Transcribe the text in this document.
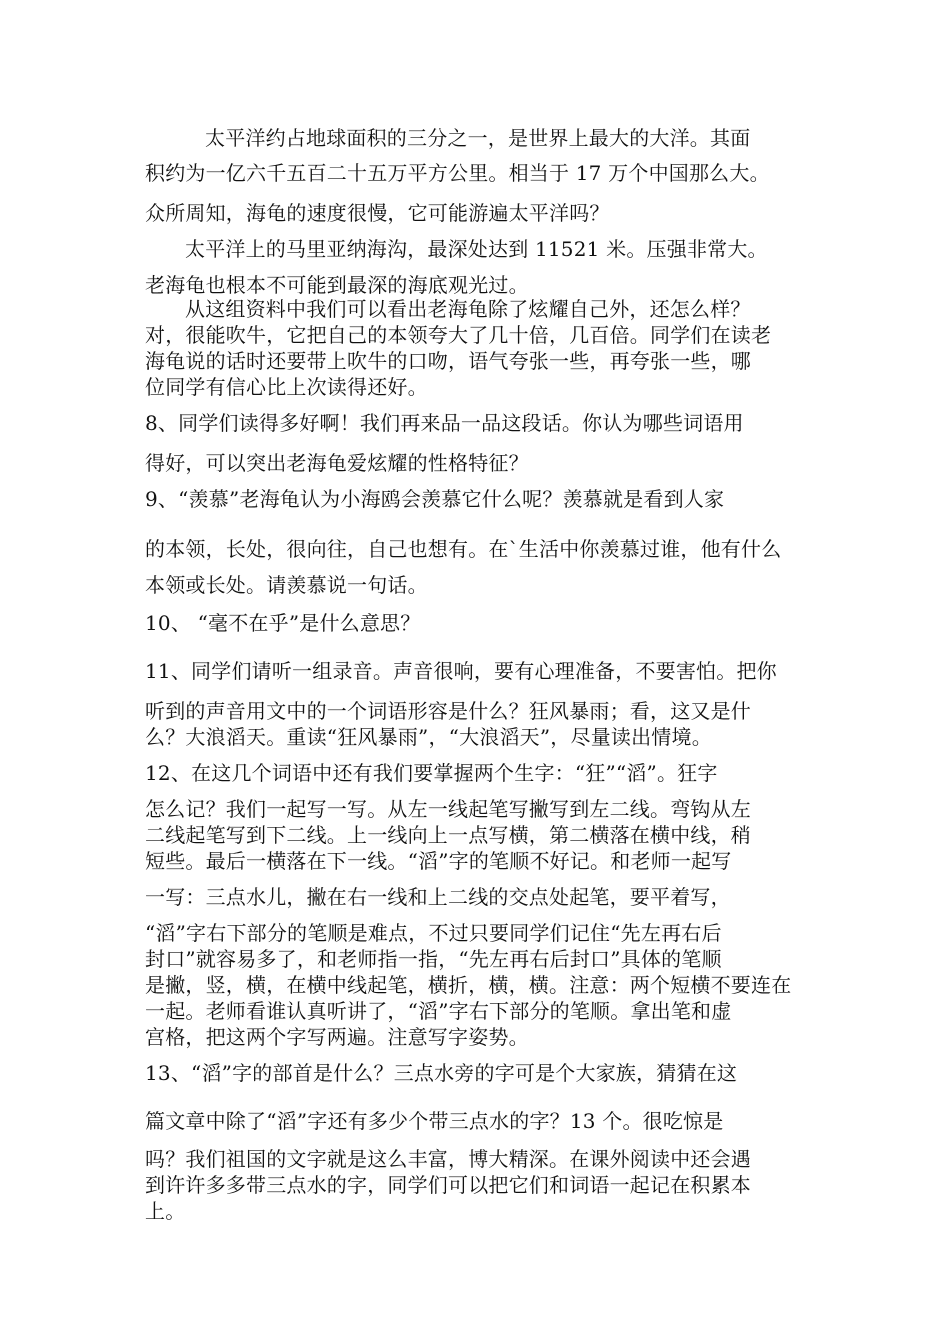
太平洋约占地球面积的三分之一，是世界上最大的大洋。其面
积约为一亿六千五百二十五万平方公里。相当于 17 万个中国那么大。
众所周知，海龟的速度很慢，它可能游遍太平洋吗？
太平洋上的马里亚纳海沟，最深处达到 11521 米。压强非常大。
老海龟也根本不可能到最深的海底观光过。
从这组资料中我们可以看出老海龟除了炫耀自己外，还怎么样？
对，很能吹牛，它把自己的本领夸大了几十倍，几百倍。同学们在读老
海龟说的话时还要带上吹牛的口吻，语气夸张一些，再夸张一些，哪
位同学有信心比上次读得还好。
8、同学们读得多好啊！我们再来品一品这段话。你认为哪些词语用
得好，可以突出老海龟爱炫耀的性格特征？
9、“羡慕”老海龟认为小海鸥会羡慕它什么呢？羡慕就是看到人家
的本领，长处，很向往，自己也想有。在`生活中你羡慕过谁，他有什么
本领或长处。请羡慕说一句话。
10、 “毫不在乎”是什么意思？
11、同学们请听一组录音。声音很响，要有心理准备，不要害怕。把你
听到的声音用文中的一个词语形容是什么？狂风暴雨；看，这又是什
么？大浪滔天。重读“狂风暴雨”，“大浪滔天”，尽量读出情境。
12、在这几个词语中还有我们要掌握两个生字：“狂”“滔”。狂字
怎么记？我们一起写一写。从左一线起笔写撇写到左二线。弯钩从左
二线起笔写到下二线。上一线向上一点写横，第二横落在横中线，稍
短些。最后一横落在下一线。“滔”字的笔顺不好记。和老师一起写
一写：三点水儿，撇在右一线和上二线的交点处起笔，要平着写，
“滔”字右下部分的笔顺是难点，不过只要同学们记住“先左再右后
封口”就容易多了，和老师指一指，“先左再右后封口”具体的笔顺
是撇，竖，横，在横中线起笔，横折，横，横。注意：两个短横不要连在
一起。老师看谁认真听讲了，“滔”字右下部分的笔顺。拿出笔和虚
宫格，把这两个字写两遍。注意写字姿势。
13、“滔”字的部首是什么？三点水旁的字可是个大家族，猜猜在这
篇文章中除了“滔”字还有多少个带三点水的字？13 个。很吃惊是
吗？我们祖国的文字就是这么丰富，博大精深。在课外阅读中还会遇
到许许多多带三点水的字，同学们可以把它们和词语一起记在积累本
上。
